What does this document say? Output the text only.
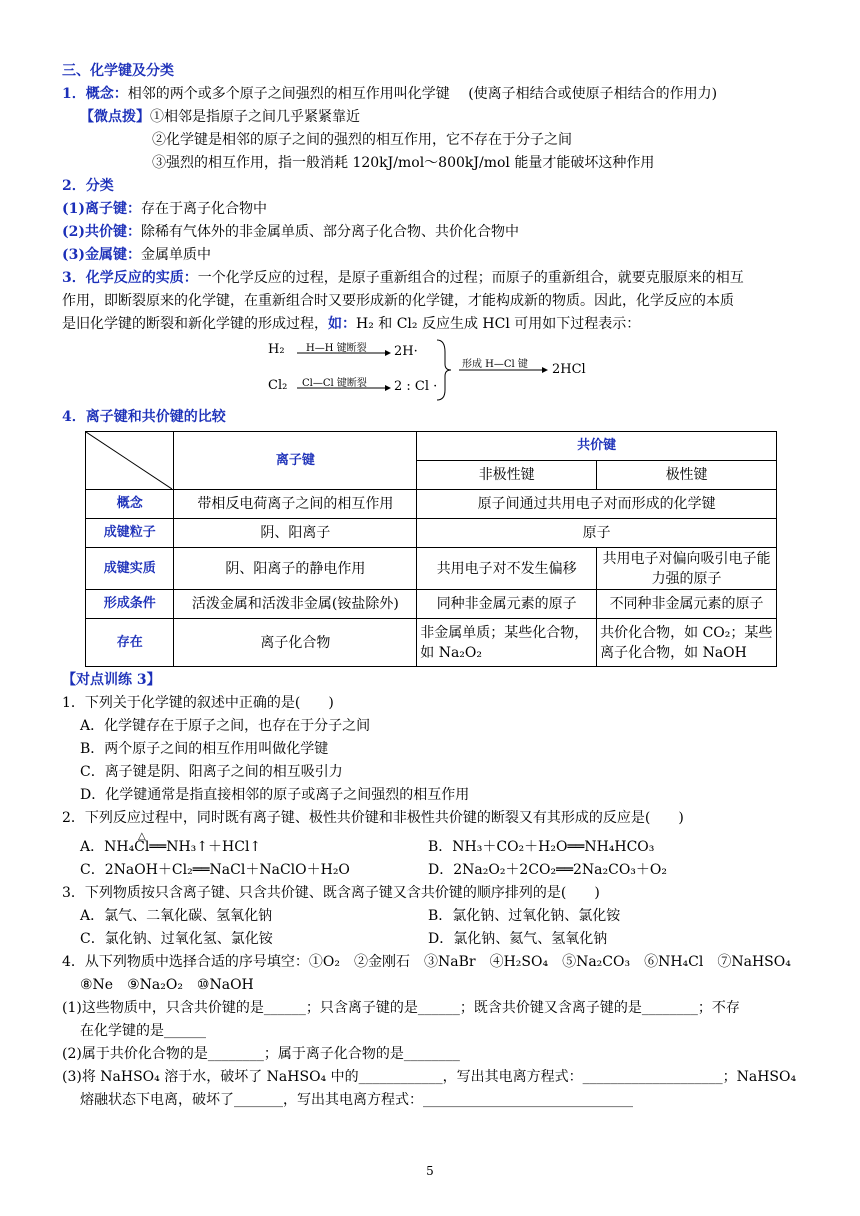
三、化学键及分类
1．概念：相邻的两个或多个原子之间强烈的相互作用叫化学键　 (使离子相结合或使原子相结合的作用力)
【微点拨】①相邻是指原子之间几乎紧紧靠近
②化学键是相邻的原子之间的强烈的相互作用，它不存在于分子之间
③强烈的相互作用，指一般消耗 120kJ/mol～800kJ/mol 能量才能破坏这种作用
2．分类
(1)离子键：存在于离子化合物中
(2)共价键：除稀有气体外的非金属单质、部分离子化合物、共价化合物中
(3)金属键：金属单质中
3．化学反应的实质：一个化学反应的过程，是原子重新组合的过程；而原子的重新组合，就要克服原来的相互
作用，即断裂原来的化学键，在重新组合时又要形成新的化学键，才能构成新的物质。因此，化学反应的本质
是旧化学键的断裂和新化学键的形成过程，如：H₂ 和 Cl₂ 反应生成 HCl 可用如下过程表示：
H₂
Cl₂
H—H 键断裂
Cl—Cl 键断裂
2H·
2 : Cl ·
形成 H—Cl 键 2HCl
4．离子键和共价键的比较
	离子键	共价键	
		非极性键	极性键
概念	带相反电荷离子之间的相互作用	原子间通过共用电子对而形成的化学键	
成键粒子	阴、阳离子	原子	
成键实质	阴、阳离子的静电作用	共用电子对不发生偏移	共用电子对偏向吸引电子能力强的原子
形成条件	活泼金属和活泼非金属(铵盐除外)	同种非金属元素的原子	不同种非金属元素的原子
存在	离子化合物	非金属单质；某些化合物，如 Na₂O₂	共价化合物，如 CO₂；某些离子化合物，如 NaOH
【对点训练 3】
1．下列关于化学键的叙述中正确的是(　　)
A．化学键存在于原子之间，也存在于分子之间
B．两个原子之间的相互作用叫做化学键
C．离子键是阴、阳离子之间的相互吸引力
D．化学键通常是指直接相邻的原子或离子之间强烈的相互作用
2．下列反应过程中，同时既有离子键、极性共价键和非极性共价键的断裂又有其形成的反应是(　　)
A．NH₄Cl══NH₃↑＋HCl↑	B．NH₃＋CO₂＋H₂O══NH₄HCO₃
△
C．2NaOH＋Cl₂══NaCl＋NaClO＋H₂O	D．2Na₂O₂＋2CO₂══2Na₂CO₃＋O₂
3．下列物质按只含离子键、只含共价键、既含离子键又含共价键的顺序排列的是(　　)
A．氯气、二氧化碳、氢氧化钠	B．氯化钠、过氧化钠、氯化铵
C．氯化钠、过氧化氢、氯化铵	D．氯化钠、氦气、氢氧化钠
4．从下列物质中选择合适的序号填空：①O₂　②金刚石　③NaBr　④H₂SO₄　⑤Na₂CO₃　⑥NH₄Cl　⑦NaHSO₄
⑧Ne　⑨Na₂O₂　⑩NaOH
(1)这些物质中，只含共价键的是______；只含离子键的是______；既含共价键又含离子键的是________；不存
在化学键的是______
(2)属于共价化合物的是________；属于离子化合物的是________
(3)将 NaHSO₄ 溶于水，破坏了 NaHSO₄ 中的____________，写出其电离方程式：____________________；NaHSO₄
熔融状态下电离，破坏了_______，写出其电离方程式：______________________________
5
